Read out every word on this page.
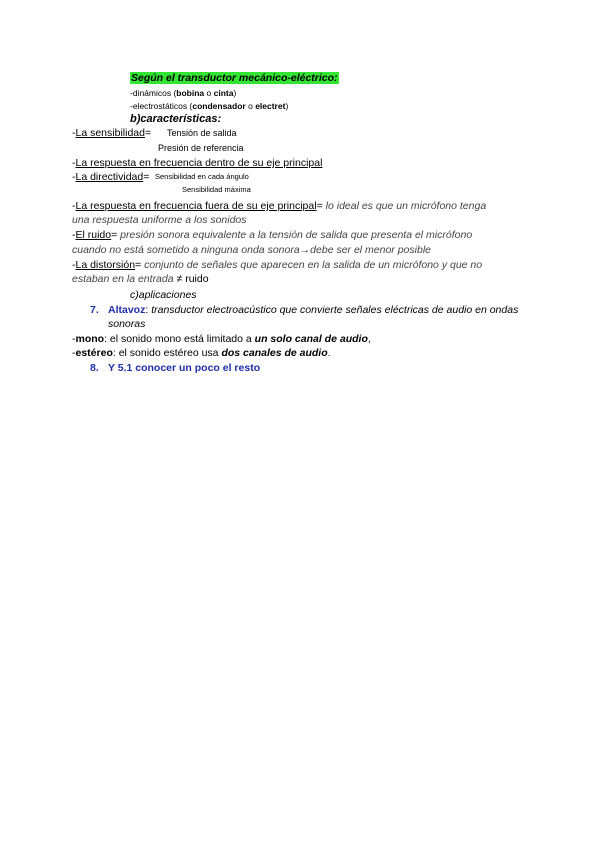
Según el transductor mecánico-eléctrico:
-dinámicos (bobina o cinta)
-electrostáticos (condensador o electret)
b)características:
-La sensibilidad= Tensión de salida
Presión de referencia
-La respuesta en frecuencia dentro de su eje principal
-La directividad= Sensibilidad en cada ángulo
Sensibilidad máxima
-La respuesta en frecuencia fuera de su eje principal= lo ideal es que un micrófono tenga
una respuesta uniforme a los sonidos
-El ruido= presión sonora equivalente a la tensión de salida que presenta el micrófono
cuando no está sometido a ninguna onda sonora→debe ser el menor posible
-La distorsión= conjunto de señales que aparecen en la salida de un micrófono y que no
estaban en la entrada ≠ ruido
c)aplicaciones
7. Altavoz: transductor electroacústico que convierte señales eléctricas de audio en ondas
sonoras
-mono: el sonido mono está limitado a un solo canal de audio,
-estéreo: el sonido estéreo usa dos canales de audio.
8. Y 5.1 conocer un poco el resto
